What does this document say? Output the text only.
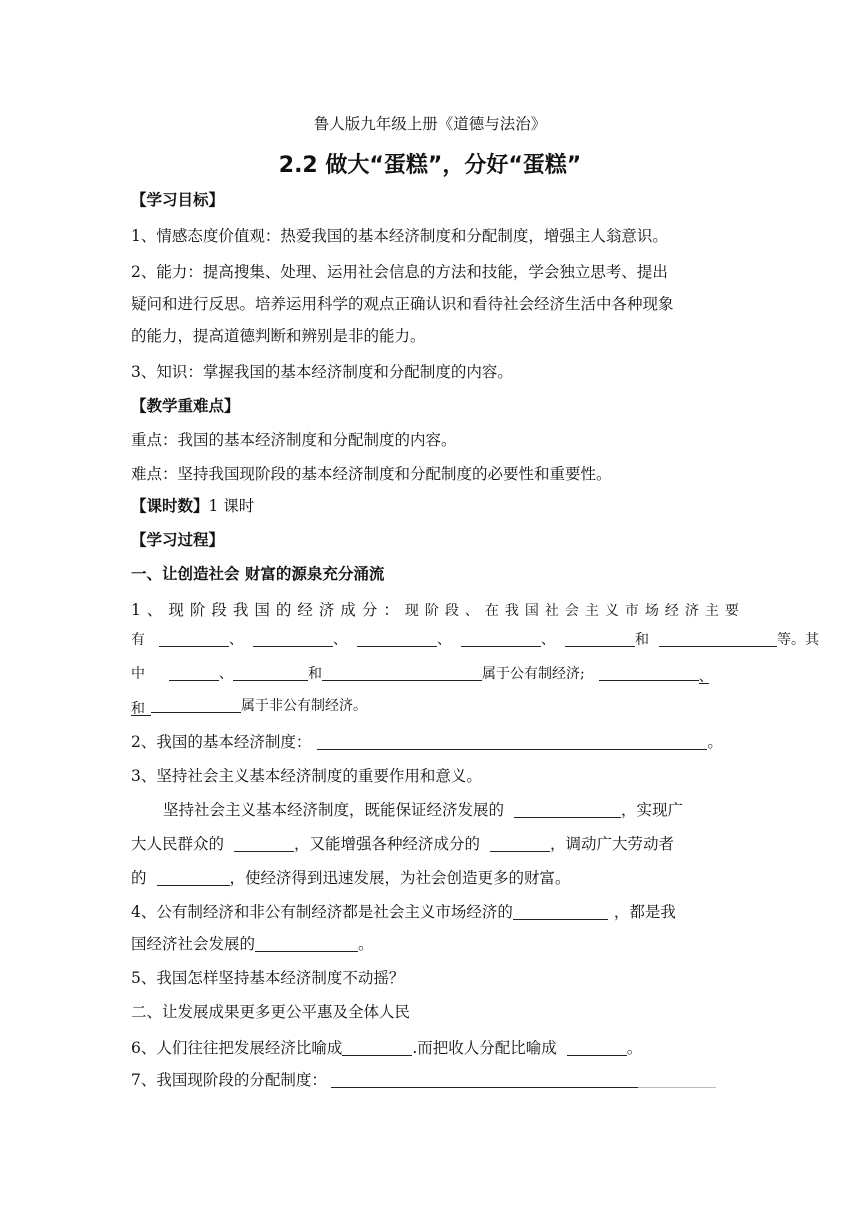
鲁人版九年级上册《道德与法治》
2.2 做大“蛋糕”，分好“蛋糕”
【学习目标】
1、情感态度价值观：热爱我国的基本经济制度和分配制度，增强主人翁意识。
2、能力：提高搜集、处理、运用社会信息的方法和技能，学会独立思考、提出
疑问和进行反思。培养运用科学的观点正确认识和看待社会经济生活中各种现象
的能力，提高道德判断和辨别是非的能力。
3、知识：掌握我国的基本经济制度和分配制度的内容。
【教学重难点】
重点：我国的基本经济制度和分配制度的内容。
难点：坚持我国现阶段的基本经济制度和分配制度的必要性和重要性。
【课时数】1 课时
【学习过程】
一、让创造社会 财富的源泉充分涌流
1、现阶段我国的经济成分：现阶段、在我国社会主义市场经济主要
有	、	、	、	、	和	等。其
中	、	和	属于公有制经济;	、
和	属于非公有制经济。
2、我国的基本经济制度：	。
3、坚持社会主义基本经济制度的重要作用和意义。
坚持社会主义基本经济制度，既能保证经济发展的	，实现广
大人民群众的	，又能增强各种经济成分的	，调动广大劳动者
的	，使经济得到迅速发展，为社会创造更多的财富。
4、公有制经济和非公有制经济都是社会主义市场经济的	，都是我
国经济社会发展的	。
5、我国怎样坚持基本经济制度不动摇？
二、让发展成果更多更公平惠及全体人民
6、人们往往把发展经济比喻成	.而把收人分配比喻成	。
7、我国现阶段的分配制度：
